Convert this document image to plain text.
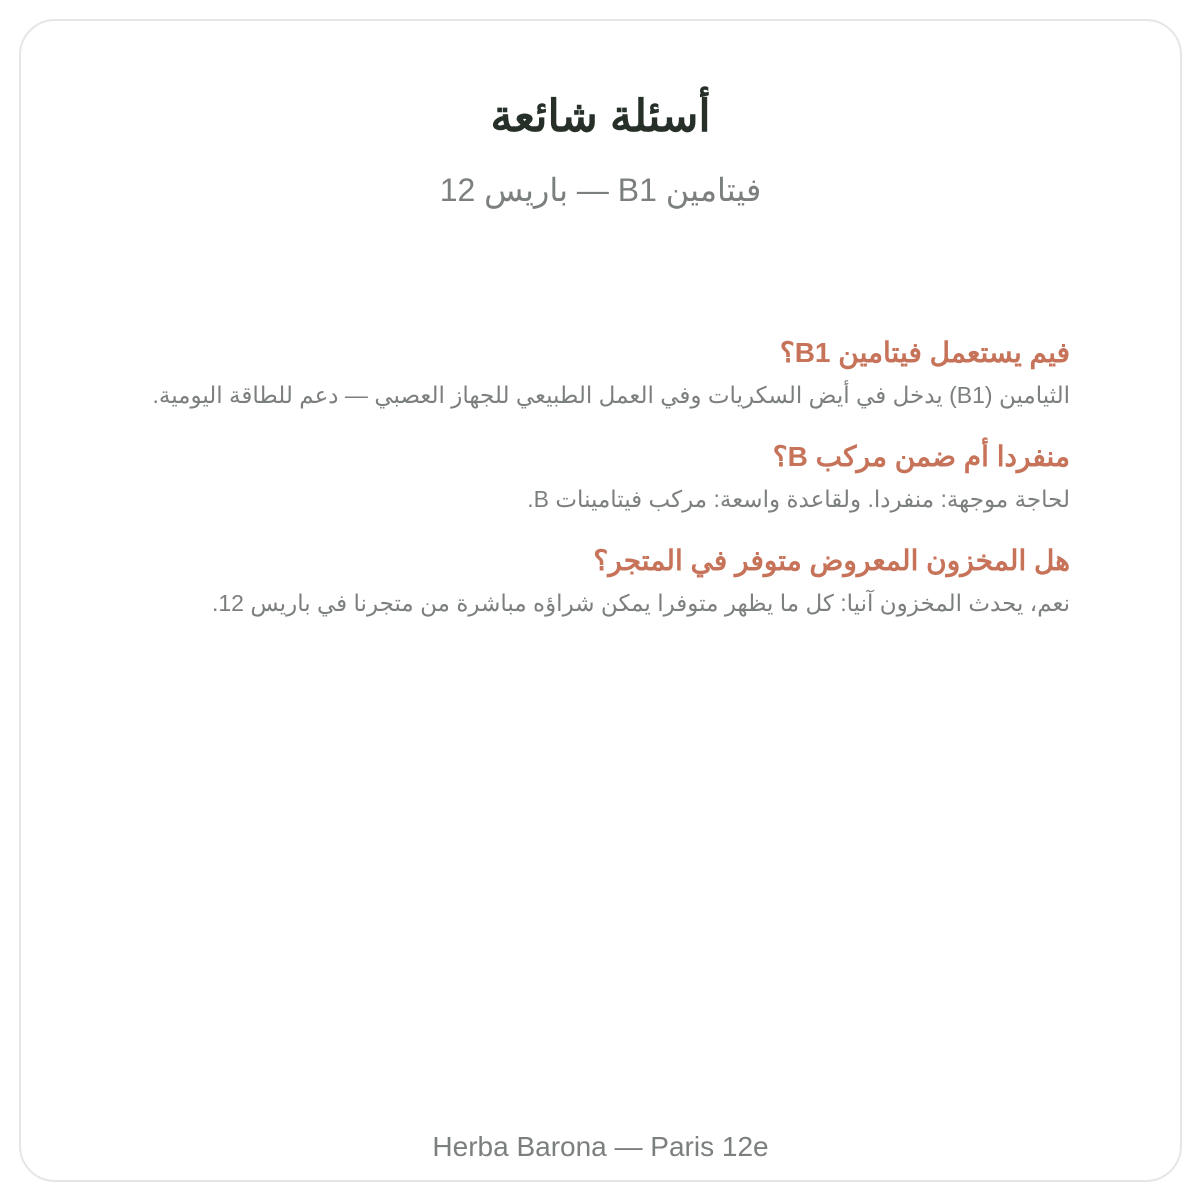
أسئلة شائعة
فيتامين B1 — باريس 12
فيم يستعمل فيتامين B1؟

الثيامين (B1) يدخل في أيض السكريات وفي العمل الطبيعي للجهاز العصبي — دعم للطاقة اليومية.

منفردا أم ضمن مركب B؟

لحاجة موجهة: منفردا. ولقاعدة واسعة: مركب فيتامينات B.

هل المخزون المعروض متوفر في المتجر؟

نعم، يحدث المخزون آنيا: كل ما يظهر متوفرا يمكن شراؤه مباشرة من متجرنا في باريس 12.

Herba Barona — Paris 12e
